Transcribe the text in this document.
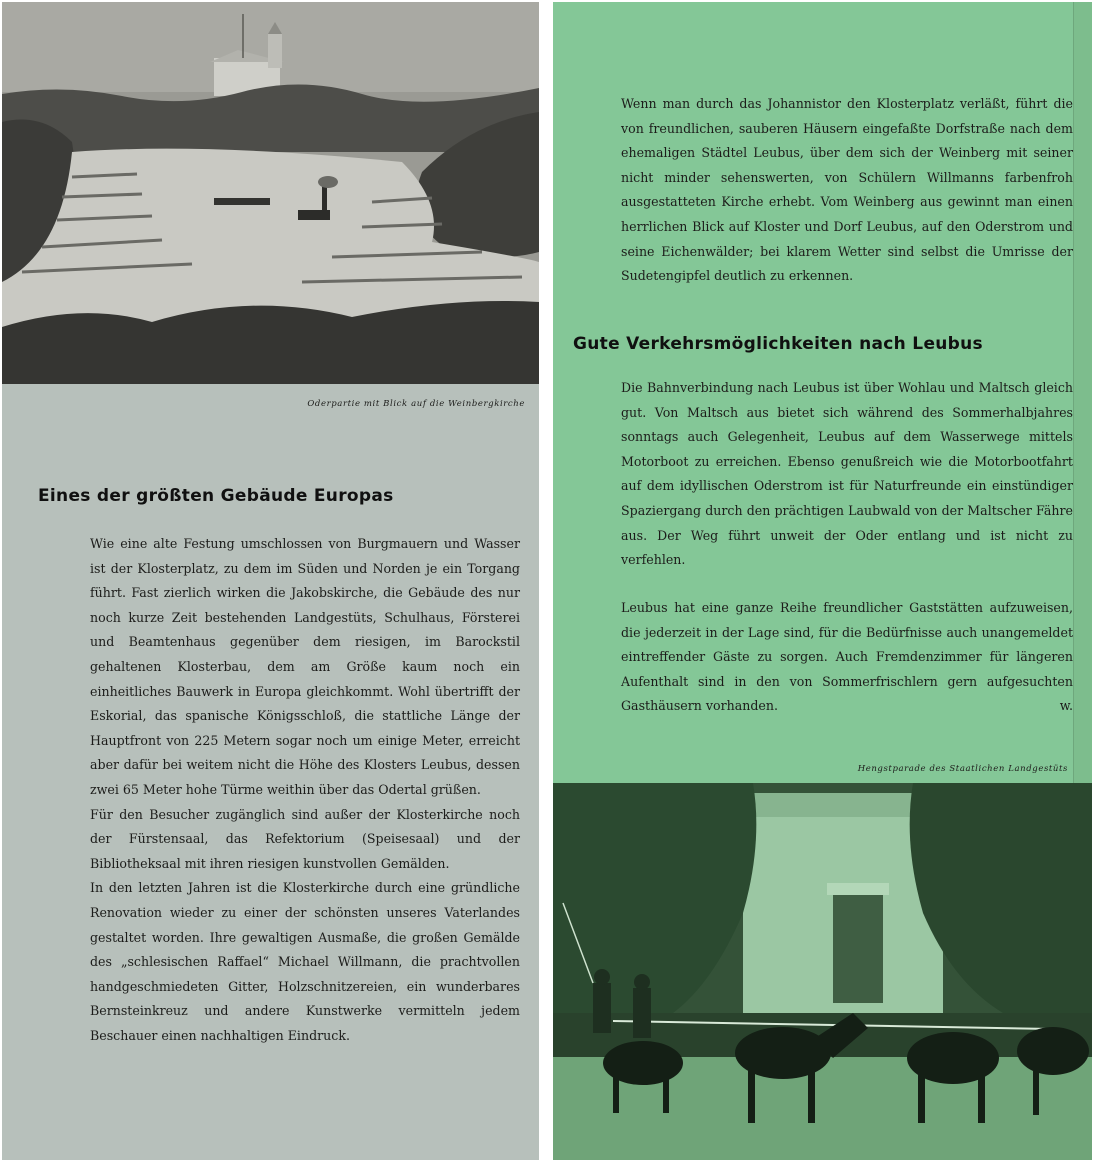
Oderpartie mit Blick auf die Weinbergkirche
Eines der größten Gebäude Europas

Wie eine alte Festung umschlossen von Burgmauern und Wasser ist der Klosterplatz, zu dem im Süden und Norden je ein Torgang führt. Fast zierlich wirken die Jakobskirche, die Gebäude des nur noch kurze Zeit bestehenden Landgestüts, Schulhaus, Försterei und Beamtenhaus gegenüber dem riesigen, im Barockstil gehaltenen Klosterbau, dem am Größe kaum noch ein einheitliches Bauwerk in Europa gleichkommt. Wohl übertrifft der Eskorial, das spanische Königsschloß, die stattliche Länge der Hauptfront von 225 Metern sogar noch um einige Meter, erreicht aber dafür bei weitem nicht die Höhe des Klosters Leubus, dessen zwei 65 Meter hohe Türme weithin über das Odertal grüßen.

Für den Besucher zugänglich sind außer der Klosterkirche noch der Fürstensaal, das Refektorium (Speisesaal) und der Bibliotheksaal mit ihren riesigen kunstvollen Gemälden.

In den letzten Jahren ist die Klosterkirche durch eine gründliche Renovation wieder zu einer der schönsten unseres Vaterlandes gestaltet worden. Ihre gewaltigen Ausmaße, die großen Gemälde des „schlesischen Raffael“ Michael Willmann, die prachtvollen handgeschmiedeten Gitter, Holzschnitzereien, ein wunderbares Bernsteinkreuz und andere Kunstwerke vermitteln jedem Beschauer einen nachhaltigen Eindruck.

Wenn man durch das Johannistor den Klosterplatz verläßt, führt die von freundlichen, sauberen Häusern eingefaßte Dorfstraße nach dem ehemaligen Städtel Leubus, über dem sich der Weinberg mit seiner nicht minder sehenswerten, von Schülern Willmanns farbenfroh ausgestatteten Kirche erhebt. Vom Weinberg aus gewinnt man einen herrlichen Blick auf Kloster und Dorf Leubus, auf den Oderstrom und seine Eichenwälder; bei klarem Wetter sind selbst die Umrisse der Sudetengipfel deutlich zu erkennen.
Gute Verkehrsmöglichkeiten nach Leubus
Die Bahnverbindung nach Leubus ist über Wohlau und Maltsch gleich gut. Von Maltsch aus bietet sich während des Sommerhalbjahres sonntags auch Gelegenheit, Leubus auf dem Wasserwege mittels Motorboot zu erreichen. Ebenso genußreich wie die Motorbootfahrt auf dem idyllischen Oderstrom ist für Naturfreunde ein einstündiger Spaziergang durch den prächtigen Laubwald von der Maltscher Fähre aus. Der Weg führt unweit der Oder entlang und ist nicht zu verfehlen.
Leubus hat eine ganze Reihe freundlicher Gaststätten aufzuweisen, die jederzeit in der Lage sind, für die Bedürfnisse auch unangemeldet eintreffender Gäste zu sorgen. Auch Fremdenzimmer für längeren Aufenthalt sind in den von Sommerfrischlern gern aufgesuchten Gasthäusern vorhanden.	w.
Hengstparade des Staatlichen Landgestüts
